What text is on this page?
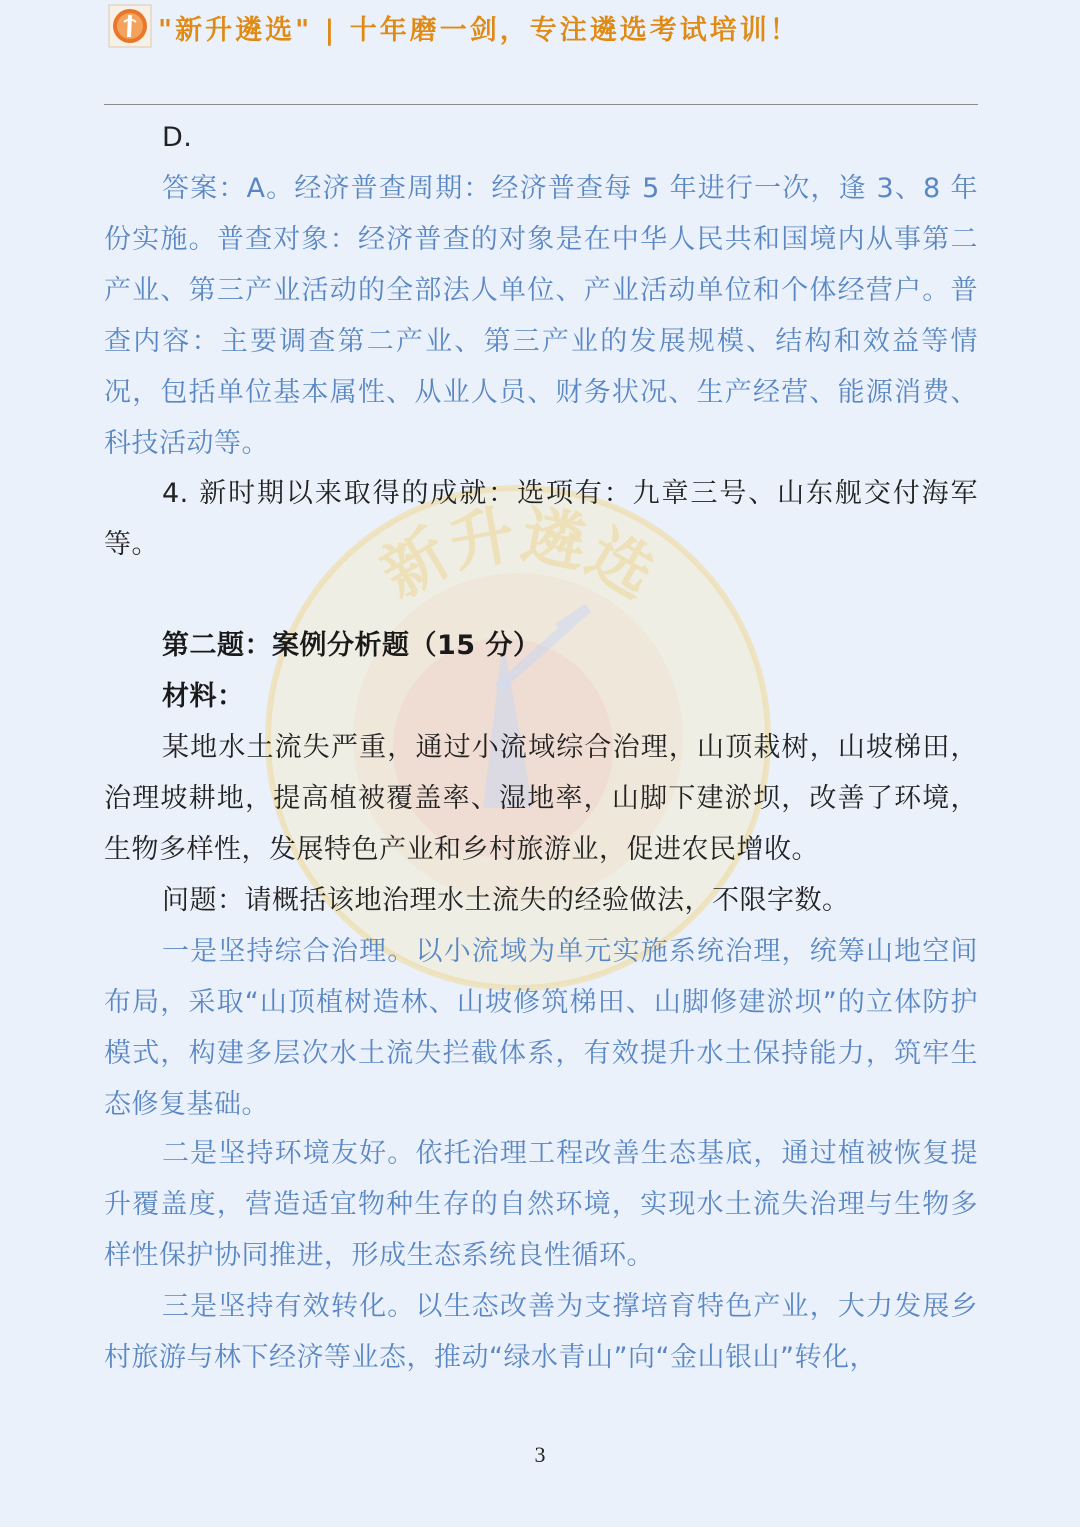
新升遴选
"新升遴选" | 十年磨一剑，专注遴选考试培训！

D.

答案：A。经济普查周期：经济普查每 5 年进行一次，逢 3、8 年份实施。普查对象：经济普查的对象是在中华人民共和国境内从事第二产业、第三产业活动的全部法人单位、产业活动单位和个体经营户。普查内容：主要调查第二产业、第三产业的发展规模、结构和效益等情况，包括单位基本属性、从业人员、财务状况、生产经营、能源消费、科技活动等。

4. 新时期以来取得的成就：选项有：九章三号、山东舰交付海军等。

第二题：案例分析题（15 分）

材料：

某地水土流失严重，通过小流域综合治理，山顶栽树，山坡梯田，治理坡耕地，提高植被覆盖率、湿地率，山脚下建淤坝，改善了环境，生物多样性，发展特色产业和乡村旅游业，促进农民增收。

问题：请概括该地治理水土流失的经验做法，不限字数。

一是坚持综合治理。以小流域为单元实施系统治理，统筹山地空间布局，采取“山顶植树造林、山坡修筑梯田、山脚修建淤坝”的立体防护模式，构建多层次水土流失拦截体系，有效提升水土保持能力，筑牢生态修复基础。

二是坚持环境友好。依托治理工程改善生态基底，通过植被恢复提升覆盖度，营造适宜物种生存的自然环境，实现水土流失治理与生物多样性保护协同推进，形成生态系统良性循环。

三是坚持有效转化。以生态改善为支撑培育特色产业，大力发展乡村旅游与林下经济等业态，推动“绿水青山”向“金山银山”转化，

3
